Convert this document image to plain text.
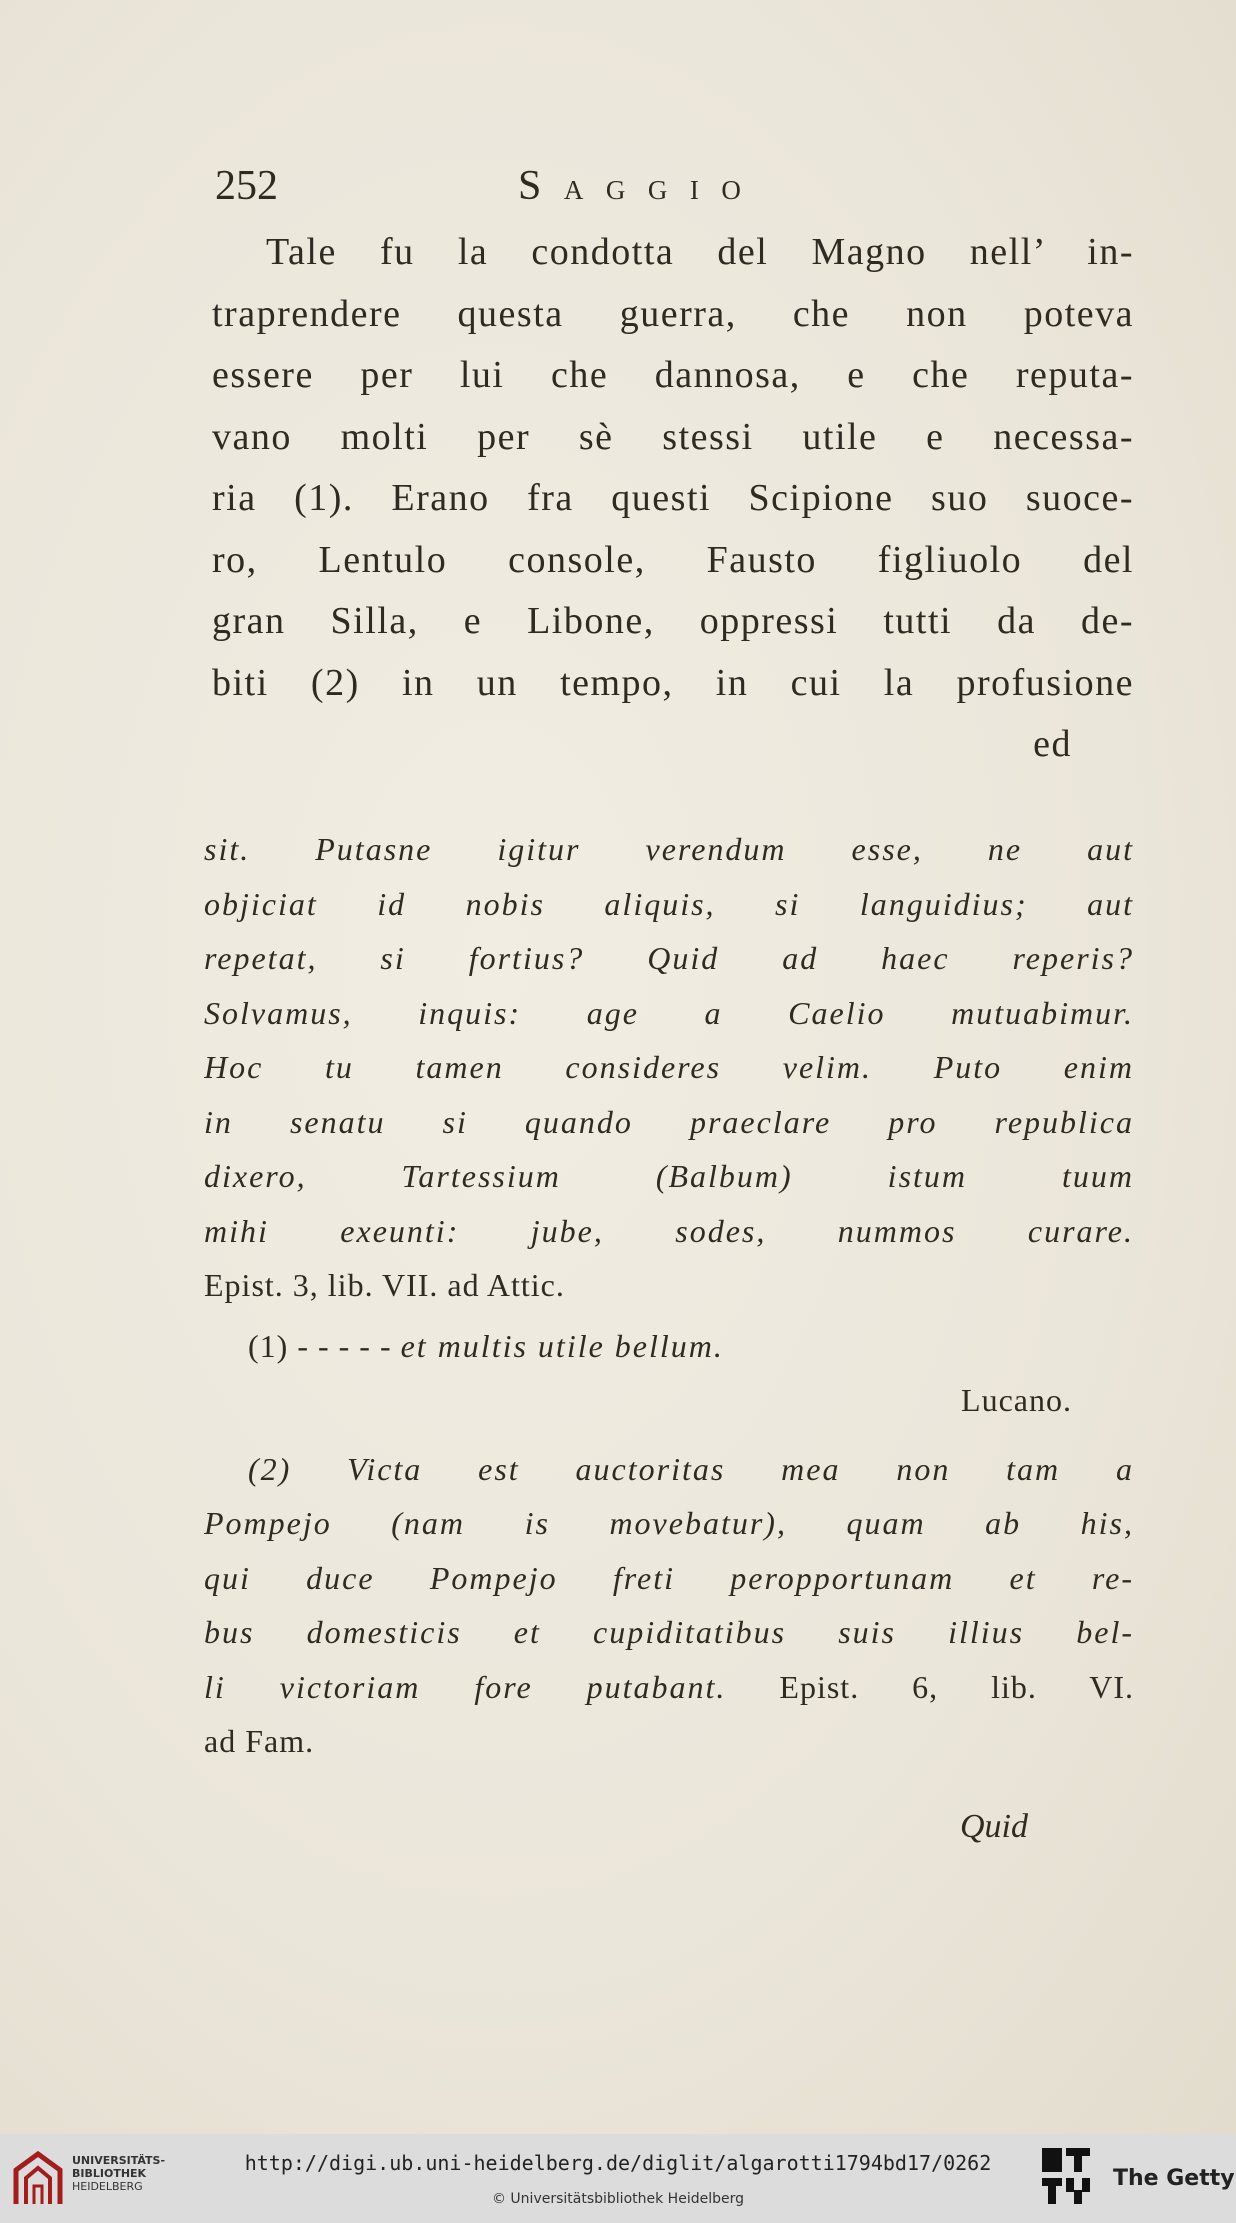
252	S A G G I O
Tale fu la condotta del Magno nell’ in-
traprendere questa guerra, che non poteva
essere per lui che dannosa, e che reputa-
vano molti per sè stessi utile e necessa-
ria (1). Erano fra questi Scipione suo suoce-
ro, Lentulo console, Fausto figliuolo del
gran Silla, e Libone, oppressi tutti da de-
biti (2) in un tempo, in cui la profusione
ed
sit. Putasne igitur verendum esse, ne aut
objiciat id nobis aliquis, si languidius; aut
repetat, si fortius? Quid ad haec reperis?
Solvamus, inquis: age a Caelio mutuabimur.
Hoc tu tamen consideres velim. Puto enim
in senatu si quando praeclare pro republica
dixero, Tartessium (Balbum) istum tuum
mihi exeunti: jube, sodes, nummos curare.
Epist. 3, lib. VII. ad Attic.
(1) - - - - - et multis utile bellum.
Lucano.
(2) Victa est auctoritas mea non tam a
Pompejo (nam is movebatur), quam ab his,
qui duce Pompejo freti peropportunam et re-
bus domesticis et cupiditatibus suis illius bel-
li victoriam fore putabant. Epist. 6, lib. VI.
ad Fam.
Quid
UNIVERSITÄTS-
BIBLIOTHEK
HEIDELBERG
http://digi.ub.uni-heidelberg.de/diglit/algarotti1794bd17/0262
© Universitätsbibliothek Heidelberg
The Getty
